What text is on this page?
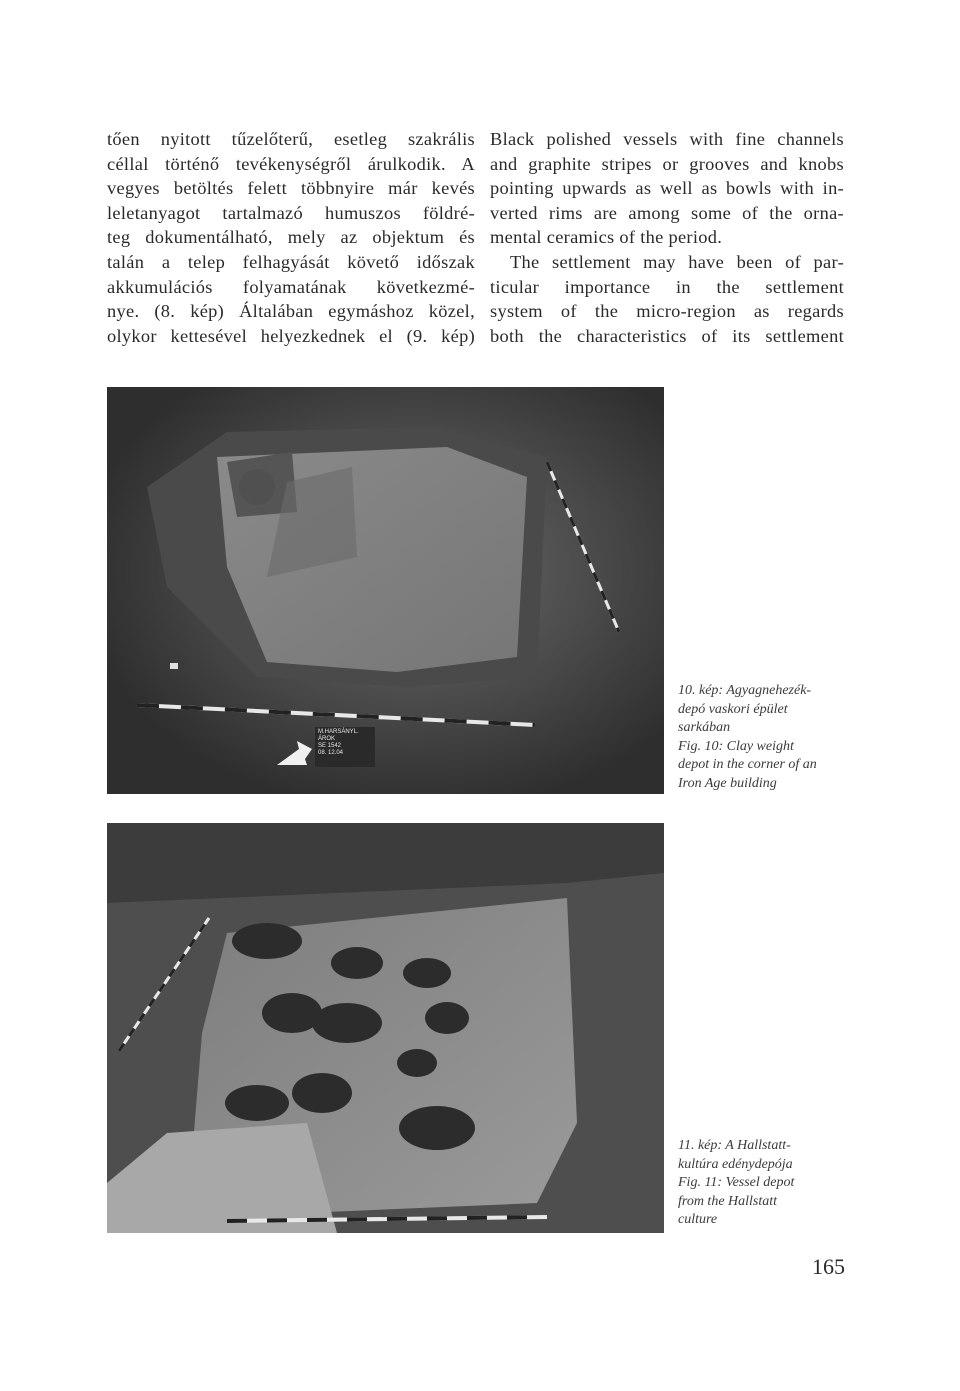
tően nyitott tűzelőterű, esetleg szakrális

céllal történő tevékenységről árulkodik. A

vegyes betöltés felett többnyire már kevés

leletanyagot tartalmazó humuszos földré-

teg dokumentálható, mely az objektum és

talán a telep felhagyását követő időszak

akkumulációs folyamatának következmé-

nye. (8. kép) Általában egymáshoz közel,

olykor kettesével helyezkednek el (9. kép)

Black polished vessels with fine channels

and graphite stripes or grooves and knobs

pointing upwards as well as bowls with in-

verted rims are among some of the orna-

mental ceramics of the period.

The settlement may have been of par-

ticular importance in the settlement

system of the micro-region as regards

both the characteristics of its settlement

M.HARSÁNYL.
ÁROK
SE 1542
08. 12.04
10. kép: Agyagnehezék-
depó vaskori épület
sarkában
Fig. 10: Clay weight
depot in the corner of an
Iron Age building
11. kép: A Hallstatt-
kultúra edénydepója
Fig. 11: Vessel depot
from the Hallstatt
culture
165
